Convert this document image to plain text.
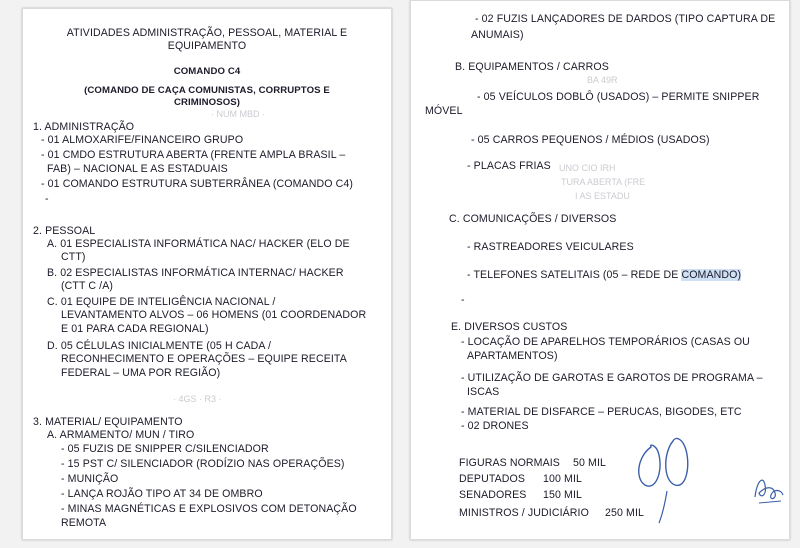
ATIVIDADES ADMINISTRAÇÃO, PESSOAL, MATERIAL E
EQUIPAMENTO
COMANDO C4
(COMANDO DE CAÇA COMUNISTAS, CORRUPTOS E
CRIMINOSOS)
· NUM MBD ·
1. ADMINISTRAÇÃO
- 01 ALMOXARIFE/FINANCEIRO GRUPO
- 01 CMDO ESTRUTURA ABERTA (FRENTE AMPLA BRASIL –
FAB) – NACIONAL E AS ESTADUAIS
- 01 COMANDO ESTRUTURA SUBTERRÂNEA (COMANDO C4)
-
2. PESSOAL
A. 01 ESPECIALISTA INFORMÁTICA NAC/ HACKER (ELO DE
CTT)
B. 02 ESPECIALISTAS INFORMÁTICA INTERNAC/ HACKER
(CTT C /A)
C. 01 EQUIPE DE INTELIGÊNCIA NACIONAL /
LEVANTAMENTO ALVOS – 06 HOMENS (01 COORDENADOR
E 01 PARA CADA REGIONAL)
D. 05 CÉLULAS INICIALMENTE (05 H CADA /
RECONHECIMENTO E OPERAÇÕES – EQUIPE RECEITA
FEDERAL – UMA POR REGIÃO)
· 4GS · R3 ·
3. MATERIAL/ EQUIPAMENTO
A. ARMAMENTO/ MUN / TIRO
- 05 FUZIS DE SNIPPER C/SILENCIADOR
- 15 PST C/ SILENCIADOR (RODÍZIO NAS OPERAÇÕES)
- MUNIÇÃO
- LANÇA ROJÃO TIPO AT 34 DE OMBRO
- MINAS MAGNÉTICAS E EXPLOSIVOS COM DETONAÇÃO
REMOTA
- 02 FUZIS LANÇADORES DE DARDOS (TIPO CAPTURA DE
ANUMAIS)
B. EQUIPAMENTOS / CARROS
BA 49R
- 05 VEÍCULOS DOBLÔ (USADOS) – PERMITE SNIPPER
MÓVEL
- 05 CARROS PEQUENOS / MÉDIOS (USADOS)
- PLACAS FRIAS UNO CIO IRH
TURA ABERTA (FRE
I AS ESTADU
C. COMUNICAÇÕES / DIVERSOS
- RASTREADORES VEICULARES
- TELEFONES SATELITAIS (05 – REDE DE COMANDO)
-
E. DIVERSOS CUSTOS
- LOCAÇÃO DE APARELHOS TEMPORÁRIOS (CASAS OU
APARTAMENTOS)
- UTILIZAÇÃO DE GAROTAS E GAROTOS DE PROGRAMA –
ISCAS
- MATERIAL DE DISFARCE – PERUCAS, BIGODES, ETC
- 02 DRONES
FIGURAS NORMAIS 50 MIL
DEPUTADOS 100 MIL
SENADORES 150 MIL
MINISTROS / JUDICIÁRIO 250 MIL
